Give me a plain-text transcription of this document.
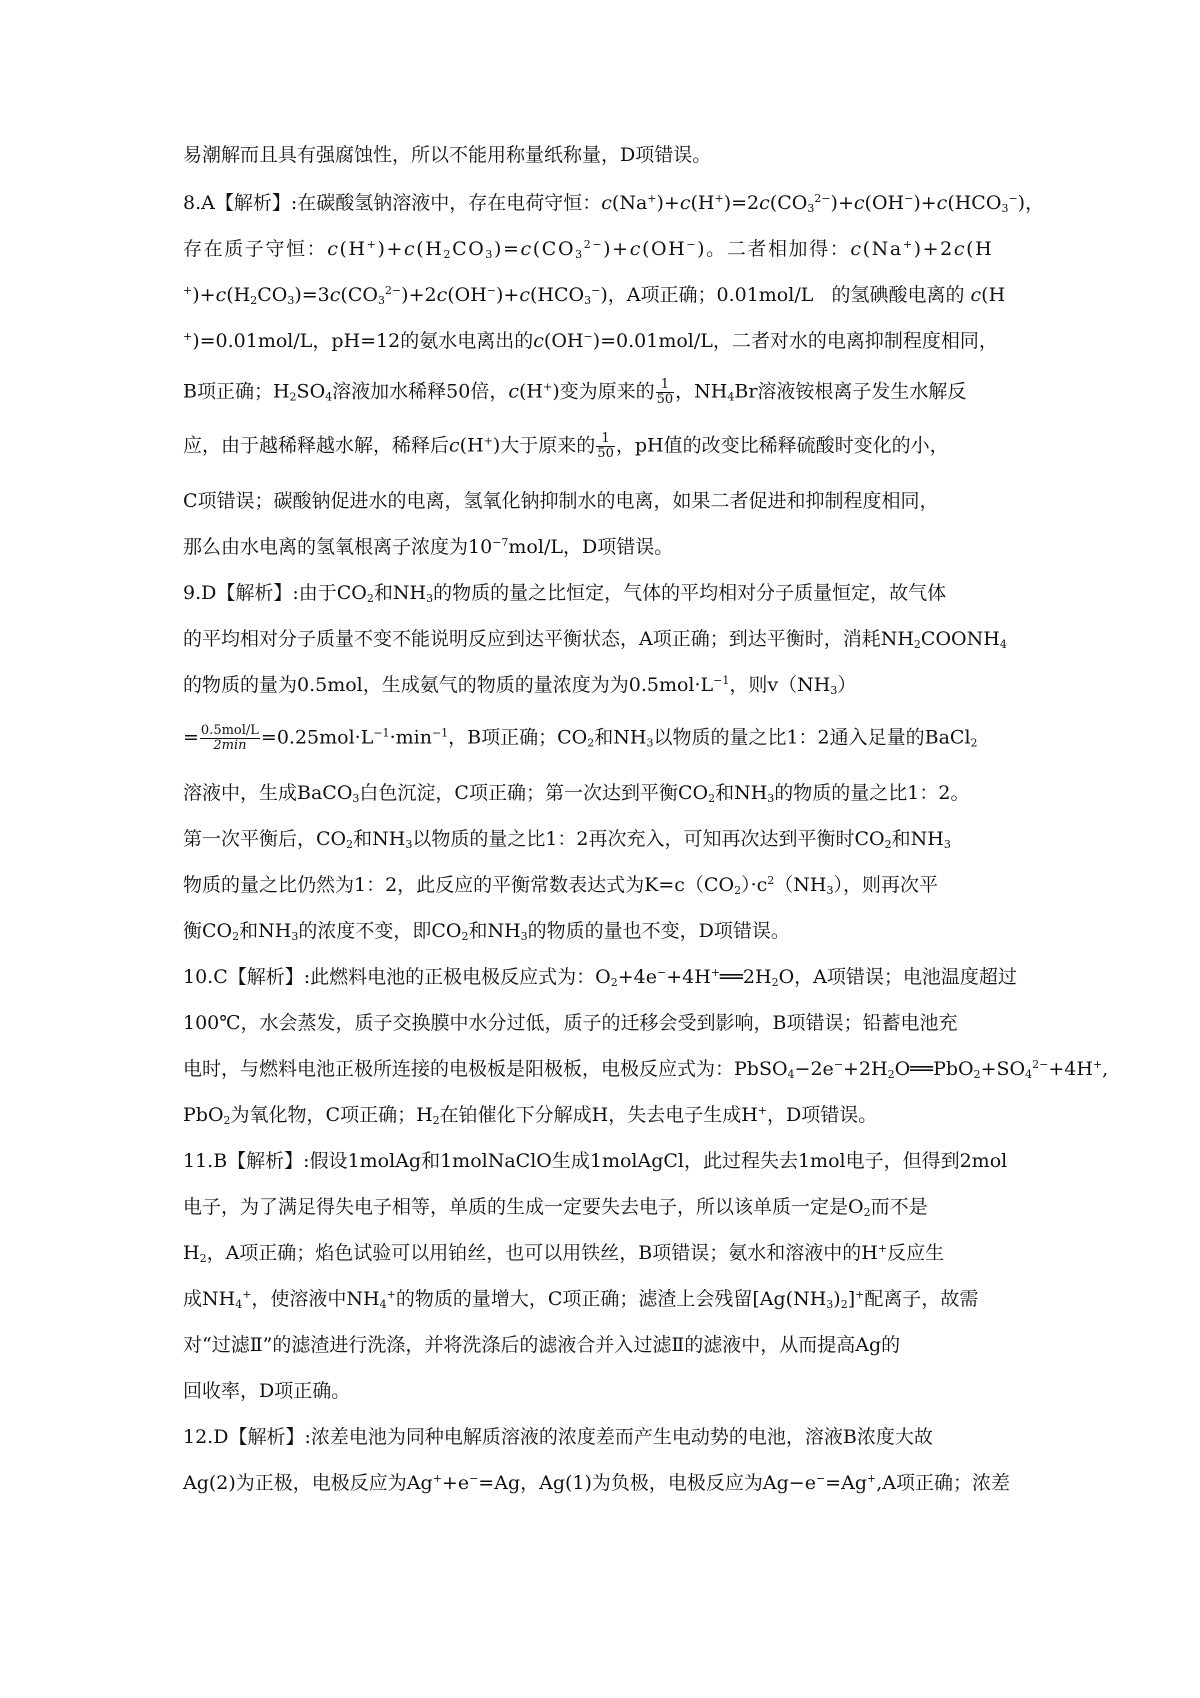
易潮解而且具有强腐蚀性，所以不能用称量纸称量，D项错误。
8.A【解析】:在碳酸氢钠溶液中，存在电荷守恒：$c(Na^+)+c(H^+)=2c(CO_3^{2-})+c(OH^-)+c(HCO_3^-)$，
存在质子守恒：$c(H^+)+c(H_2CO_3)=c(CO_3^{2-})+c(OH^-)$。二者相加得：c(Na+)+2c(H
$^+)+c(H_2CO_3)=3c(CO_3^{2-})+2c(OH^-)+c(HCO_3^-)$，A项正确；0.01mol/L   的氢碘酸电离的 c(H
+)=0.01mol/L，pH=12的氨水电离出的c(OH−)=0.01mol/L，二者对水的电离抑制程度相同，
B项正确；$H_2SO_4$溶液加水稀释50倍，c(H+)变为原来的 $\frac{1}{50}$ ，$NH_4Br$溶液铵根离子发生水解反
应，由于越稀释越水解，稀释后c(H+)大于原来的 $\frac{1}{50}$ ，pH值的改变比稀释硫酸时变化的小，
C项错误；碳酸钠促进水的电离，氢氧化钠抑制水的电离，如果二者促进和抑制程度相同，
那么由水电离的氢氧根离子浓度为$10^{-7}mol/L$，D项错误。
9.D【解析】:由于$CO_2$和$NH_3$的物质的量之比恒定，气体的平均相对分子质量恒定，故气体
的平均相对分子质量不变不能说明反应到达平衡状态，A项正确；到达平衡时，消耗$NH_2COONH_4$
的物质的量为0.5mol，生成氨气的物质的量浓度为为$0.5mol\cdot L^{-1}$，则$v(NH_3)$
= $\frac{\text{0.5mol/L}}{2\min} =0.25mol\cdot L^{-1}\cdot\min^{-1}$，B项正确；$CO_2$和$NH_3$以物质的量之比1：2通入足量的BaCl$_2$
溶液中，生成BaCO$_3$白色沉淀，C项正确；第一次达到平衡$CO_2$和$NH_3$的物质的量之比1：2。
第一次平衡后，$CO_2$和$NH_3$以物质的量之比1：2再次充入，可知再次达到平衡时$CO_2$和$NH_3$
物质的量之比仍然为1：2，此反应的平衡常数表达式为$K=c(CO_2)\cdot c^2(NH_3)$，则再次平
衡$CO_2$和$NH_3$的浓度不变，即$CO_2$和$NH_3$的物质的量也不变，D项错误。
10.C【解析】:此燃料电池的正极电极反应式为：$O_2+4e^-+4H^+══2H_2O$，A项错误；电池温度超过
100℃，水会蒸发，质子交换膜中水分过低，质子的迁移会受到影响，B项错误；铅蓄电池充
电时，与燃料电池正极所连接的电极板是阳极板，电极反应式为：$PbSO_4-2e^-+2H_2O══PbO_2+SO_4^{2-}+4H^+$,
PbO$_2$为氧化物，C项正确；$H_2$在铂催化下分解成H，失去电子生成H+，D项错误。
11.B【解析】:假设1molAg和1molNaClO生成1molAgCl，此过程失去1mol电子，但得到2mol
电子，为了满足得失电子相等，单质的生成一定要失去电子，所以该单质一定是$O_2$而不是
$H_2$，A项正确；焰色试验可以用铂丝，也可以用铁丝，B项错误；氨水和溶液中的H+反应生
成$NH_4^+$，使溶液中$NH_4^+$的物质的量增大，C项正确；滤渣上会残留$[Ag(NH_3)_2]^+$配离子，故需
对“过滤Ⅱ”的滤渣进行洗涤，并将洗涤后的滤液合并入过滤Ⅱ的滤液中，从而提高Ag的
回收率，D项正确。
12.D【解析】:浓差电池为同种电解质溶液的浓度差而产生电动势的电池，溶液B浓度大故
Ag(2)为正极，电极反应为Ag++e−=Ag，Ag(1)为负极，电极反应为Ag−e−=Ag+,A项正确；浓差
